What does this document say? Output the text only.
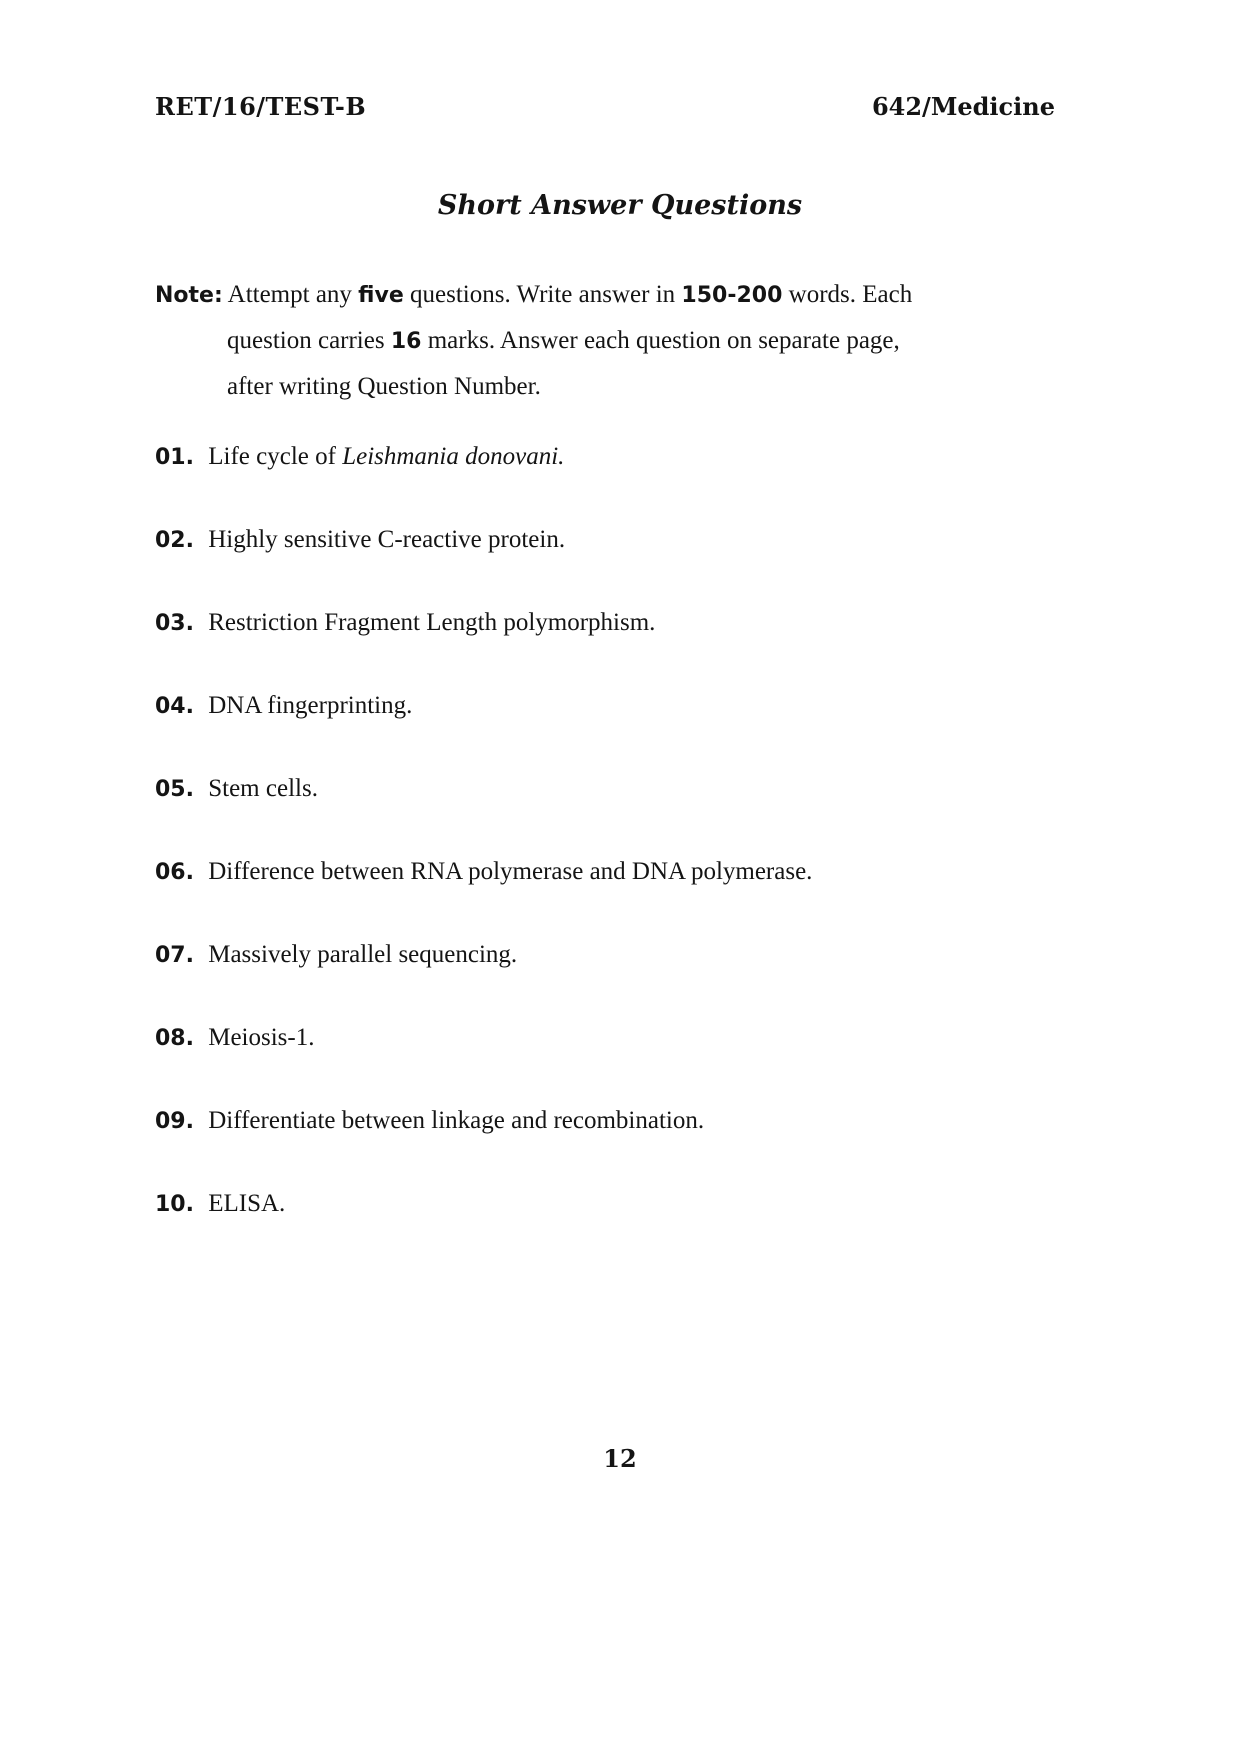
RET/16/TEST-B	642/Medicine
Short Answer Questions
Note: Attempt any five questions. Write answer in 150-200 words. Each
question carries 16 marks. Answer each question on separate page,
after writing Question Number.
01. Life cycle of Leishmania donovani.
02. Highly sensitive C-reactive protein.
03. Restriction Fragment Length polymorphism.
04. DNA fingerprinting.
05. Stem cells.
06. Difference between RNA polymerase and DNA polymerase.
07. Massively parallel sequencing.
08. Meiosis-1.
09. Differentiate between linkage and recombination.
10. ELISA.
12
